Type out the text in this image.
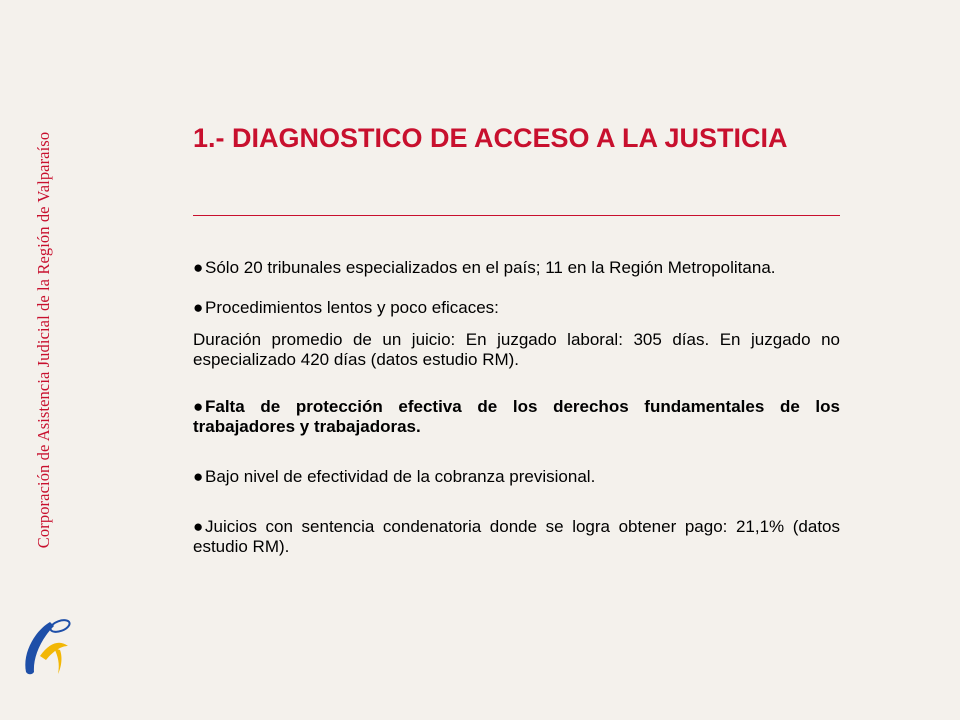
Corporación de Asistencia Judicial de la Región de Valparaíso	1.- DIAGNOSTICO DE ACCESO A LA JUSTICIA

● Sólo 20 tribunales especializados en el país; 11 en la Región Metropolitana.

● Procedimientos lentos y poco eficaces:

Duración promedio de un juicio: En juzgado laboral: 305 días. En juzgado no especializado 420 días (datos estudio RM).

● Falta de protección efectiva de los derechos fundamentales de los trabajadores y trabajadoras.

● Bajo nivel de efectividad de la cobranza previsional.

● Juicios con sentencia condenatoria donde se logra obtener pago: 21,1% (datos estudio RM).
